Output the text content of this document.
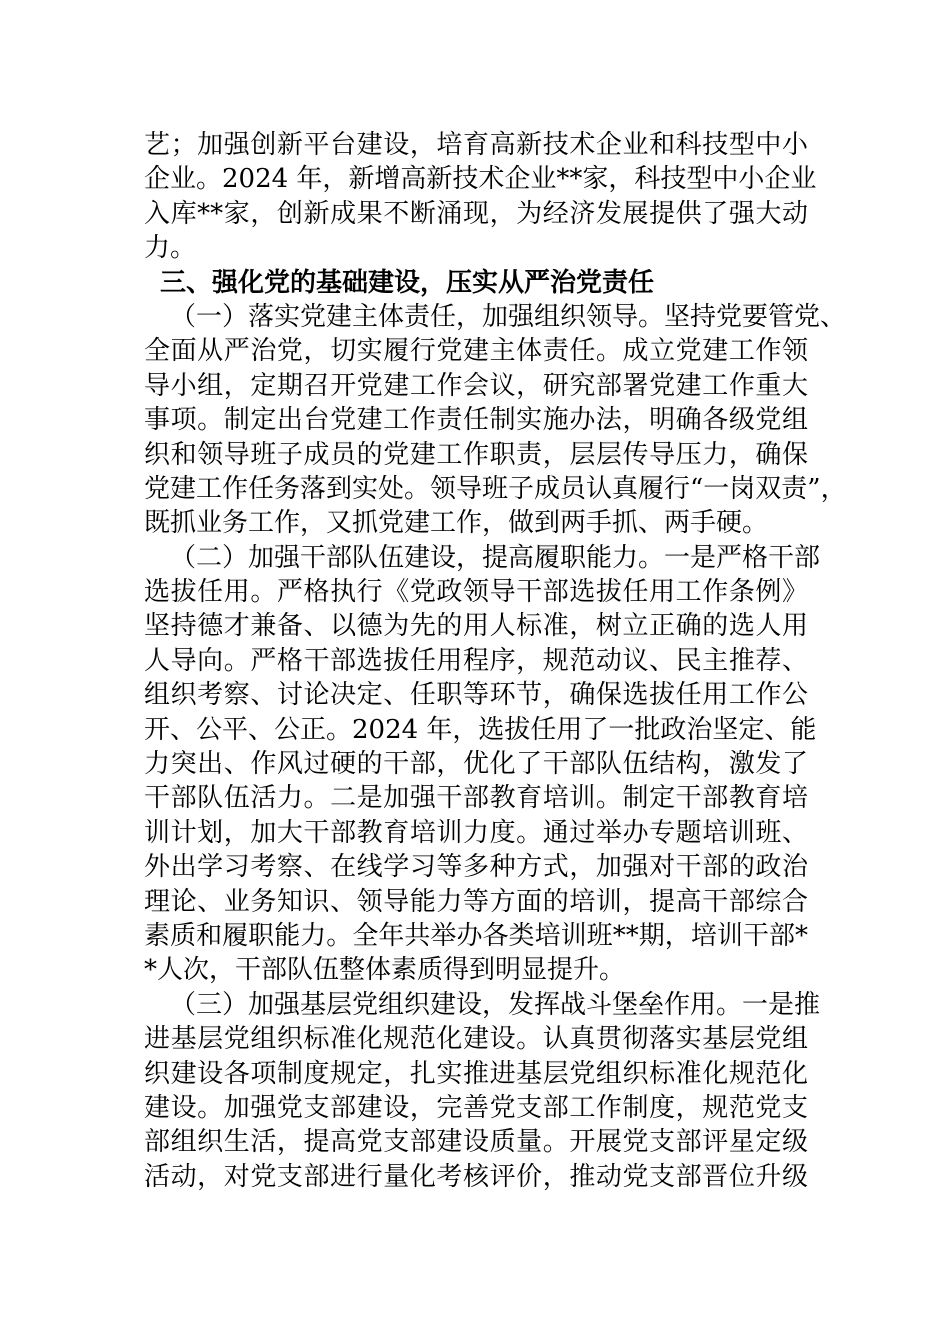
艺；加强创新平台建设，培育高新技术企业和科技型中小
企业。2024 年，新增高新技术企业**家，科技型中小企业
入库**家，创新成果不断涌现，为经济发展提供了强大动
力。
三、强化党的基础建设，压实从严治党责任
（一）落实党建主体责任，加强组织领导。坚持党要管党、
全面从严治党，切实履行党建主体责任。成立党建工作领
导小组，定期召开党建工作会议，研究部署党建工作重大
事项。制定出台党建工作责任制实施办法，明确各级党组
织和领导班子成员的党建工作职责，层层传导压力，确保
党建工作任务落到实处。领导班子成员认真履行“一岗双责”，
既抓业务工作，又抓党建工作，做到两手抓、两手硬。
（二）加强干部队伍建设，提高履职能力。一是严格干部
选拔任用。严格执行《党政领导干部选拔任用工作条例》
坚持德才兼备、以德为先的用人标准，树立正确的选人用
人导向。严格干部选拔任用程序，规范动议、民主推荐、
组织考察、讨论决定、任职等环节，确保选拔任用工作公
开、公平、公正。2024 年，选拔任用了一批政治坚定、能
力突出、作风过硬的干部，优化了干部队伍结构，激发了
干部队伍活力。二是加强干部教育培训。制定干部教育培
训计划，加大干部教育培训力度。通过举办专题培训班、
外出学习考察、在线学习等多种方式，加强对干部的政治
理论、业务知识、领导能力等方面的培训，提高干部综合
素质和履职能力。全年共举办各类培训班**期，培训干部*
*人次，干部队伍整体素质得到明显提升。
（三）加强基层党组织建设，发挥战斗堡垒作用。一是推
进基层党组织标准化规范化建设。认真贯彻落实基层党组
织建设各项制度规定，扎实推进基层党组织标准化规范化
建设。加强党支部建设，完善党支部工作制度，规范党支
部组织生活，提高党支部建设质量。开展党支部评星定级
活动，对党支部进行量化考核评价，推动党支部晋位升级
